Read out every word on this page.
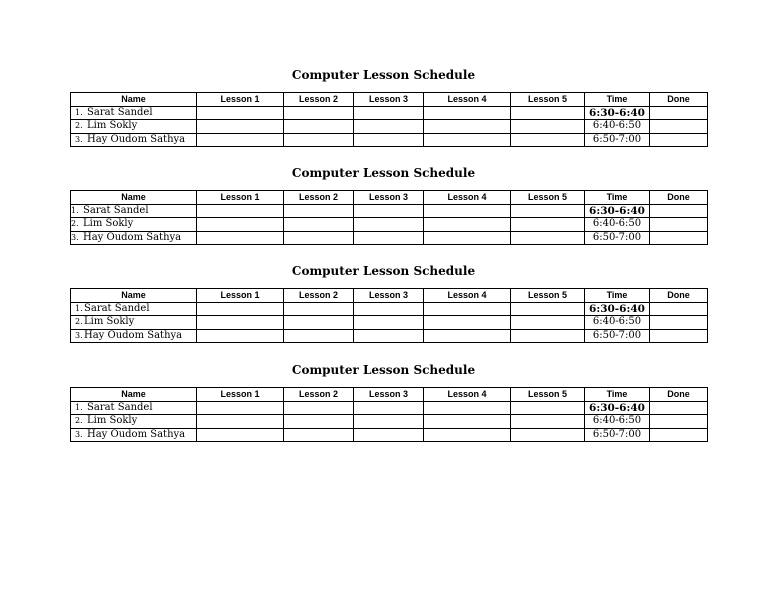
Computer Lesson Schedule
Name	Lesson 1	Lesson 2	Lesson 3	Lesson 4	Lesson 5	Time	Done
1. Sarat Sandel						6:30-6:40	
2. Lim Sokly						6:40-6:50	
3. Hay Oudom Sathya						6:50-7:00	
Computer Lesson Schedule
Name	Lesson 1	Lesson 2	Lesson 3	Lesson 4	Lesson 5	Time	Done
1. Sarat Sandel						6:30-6:40	
2. Lim Sokly						6:40-6:50	
3. Hay Oudom Sathya						6:50-7:00	
Computer Lesson Schedule
Name	Lesson 1	Lesson 2	Lesson 3	Lesson 4	Lesson 5	Time	Done
1.Sarat Sandel						6:30-6:40	
2.Lim Sokly						6:40-6:50	
3.Hay Oudom Sathya						6:50-7:00	
Computer Lesson Schedule
Name	Lesson 1	Lesson 2	Lesson 3	Lesson 4	Lesson 5	Time	Done
1. Sarat Sandel						6:30-6:40	
2. Lim Sokly						6:40-6:50	
3. Hay Oudom Sathya						6:50-7:00	
